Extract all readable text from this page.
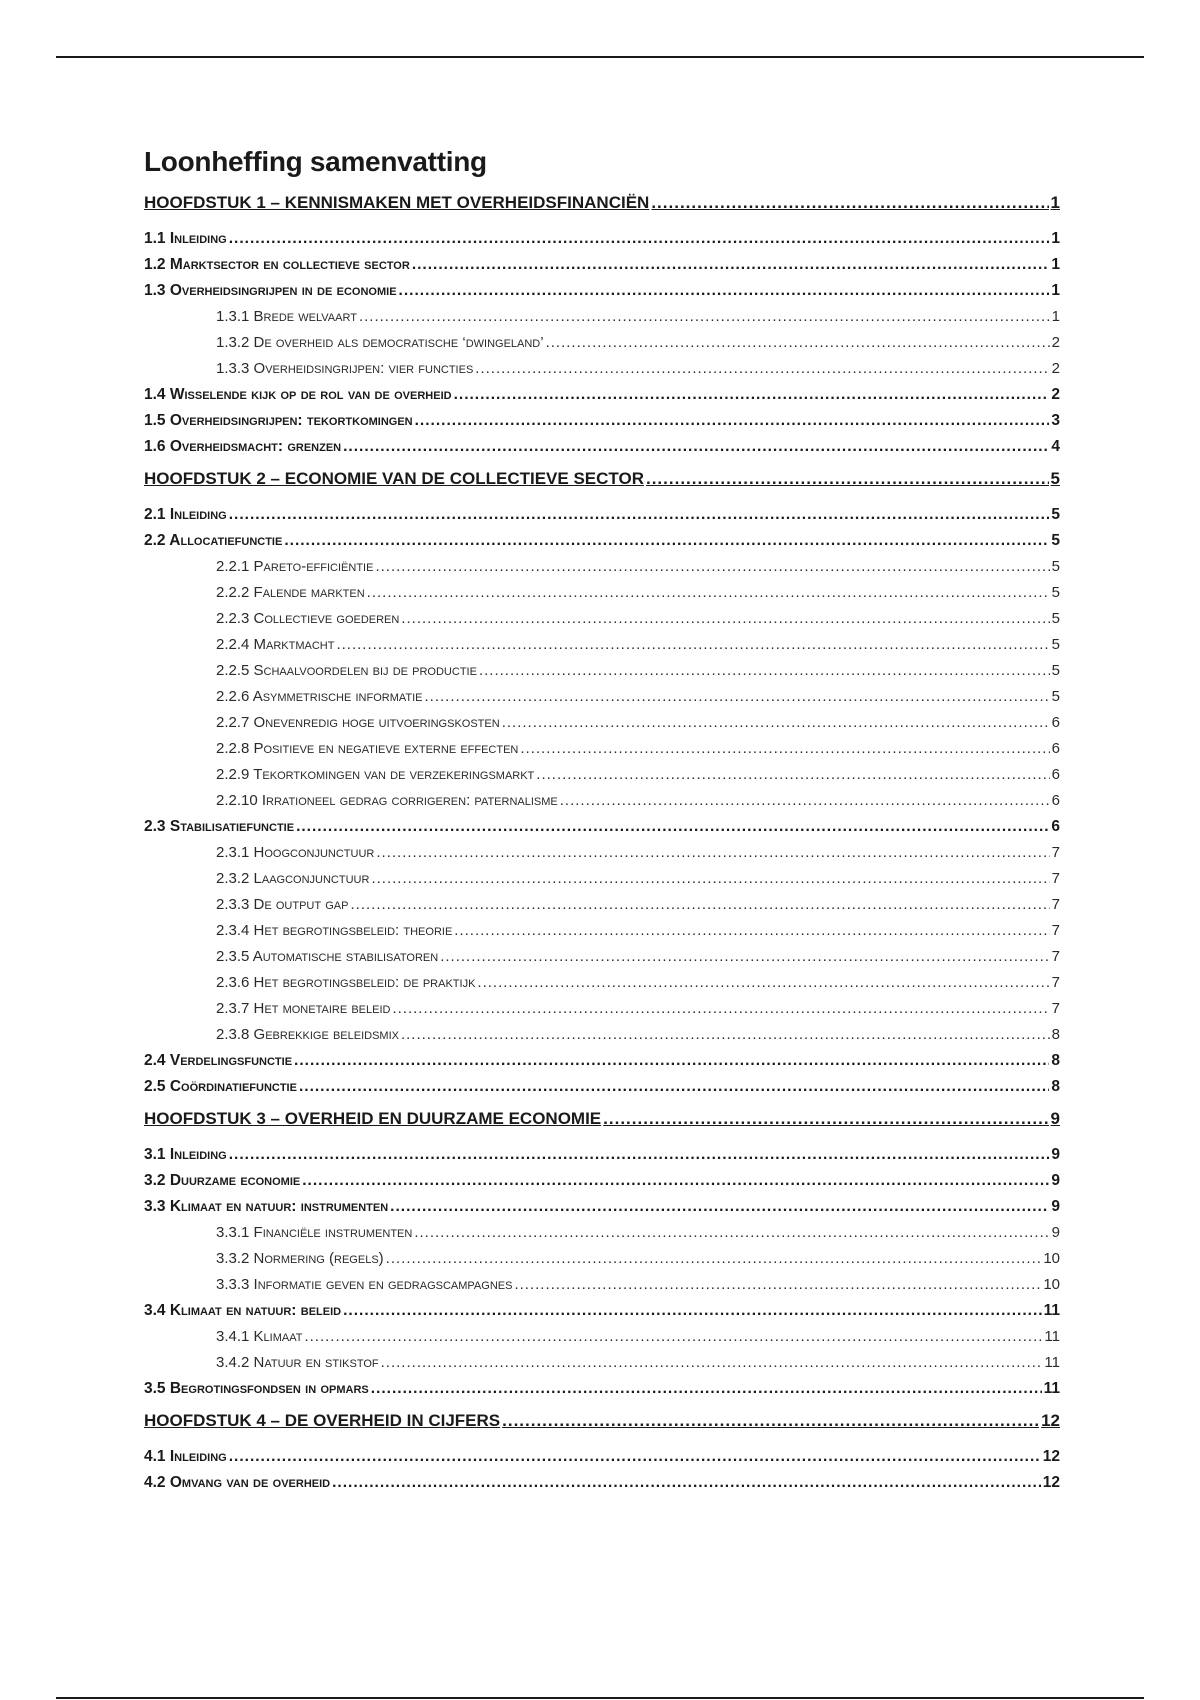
Loonheffing samenvatting
HOOFDSTUK 1 – KENNISMAKEN MET OVERHEIDSFINANCIËN .....	1
1.1 Inleiding .....	1
1.2 Marktsector en collectieve sector .....	1
1.3 Overheidsingrijpen in de economie .....	1
1.3.1 Brede welvaart .....	1
1.3.2 De overheid als democratische ‘dwingeland’ .....	2
1.3.3 Overheidsingrijpen: vier functies .....	2
1.4 Wisselende kijk op de rol van de overheid .....	2
1.5 Overheidsingrijpen: tekortkomingen .....	3
1.6 Overheidsmacht: grenzen .....	4
HOOFDSTUK 2 – ECONOMIE VAN DE COLLECTIEVE SECTOR .....	5
2.1 Inleiding .....	5
2.2 Allocatiefunctie .....	5
2.2.1 Pareto-efficiëntie .....	5
2.2.2 Falende markten .....	5
2.2.3 Collectieve goederen .....	5
2.2.4 Marktmacht .....	5
2.2.5 Schaalvoordelen bij de productie .....	5
2.2.6 Asymmetrische informatie .....	5
2.2.7 Onevenredig hoge uitvoeringskosten .....	6
2.2.8 Positieve en negatieve externe effecten .....	6
2.2.9 Tekortkomingen van de verzekeringsmarkt .....	6
2.2.10 Irrationeel gedrag corrigeren: paternalisme .....	6
2.3 Stabilisatiefunctie .....	6
2.3.1 Hoogconjunctuur .....	7
2.3.2 Laagconjunctuur .....	7
2.3.3 De output gap .....	7
2.3.4 Het begrotingsbeleid: theorie .....	7
2.3.5 Automatische stabilisatoren .....	7
2.3.6 Het begrotingsbeleid: de praktijk .....	7
2.3.7 Het monetaire beleid .....	7
2.3.8 Gebrekkige beleidsmix .....	8
2.4 Verdelingsfunctie .....	8
2.5 Coördinatiefunctie .....	8
HOOFDSTUK 3 – OVERHEID EN DUURZAME ECONOMIE .....	9
3.1 Inleiding .....	9
3.2 Duurzame economie .....	9
3.3 Klimaat en natuur: instrumenten .....	9
3.3.1 Financiële instrumenten .....	9
3.3.2 Normering (regels) .....	10
3.3.3 Informatie geven en gedragscampagnes .....	10
3.4 Klimaat en natuur: beleid .....	11
3.4.1 Klimaat .....	11
3.4.2 Natuur en stikstof .....	11
3.5 Begrotingsfondsen in opmars .....	11
HOOFDSTUK 4 – DE OVERHEID IN CIJFERS .....	12
4.1 Inleiding .....	12
4.2 Omvang van de overheid .....	12
